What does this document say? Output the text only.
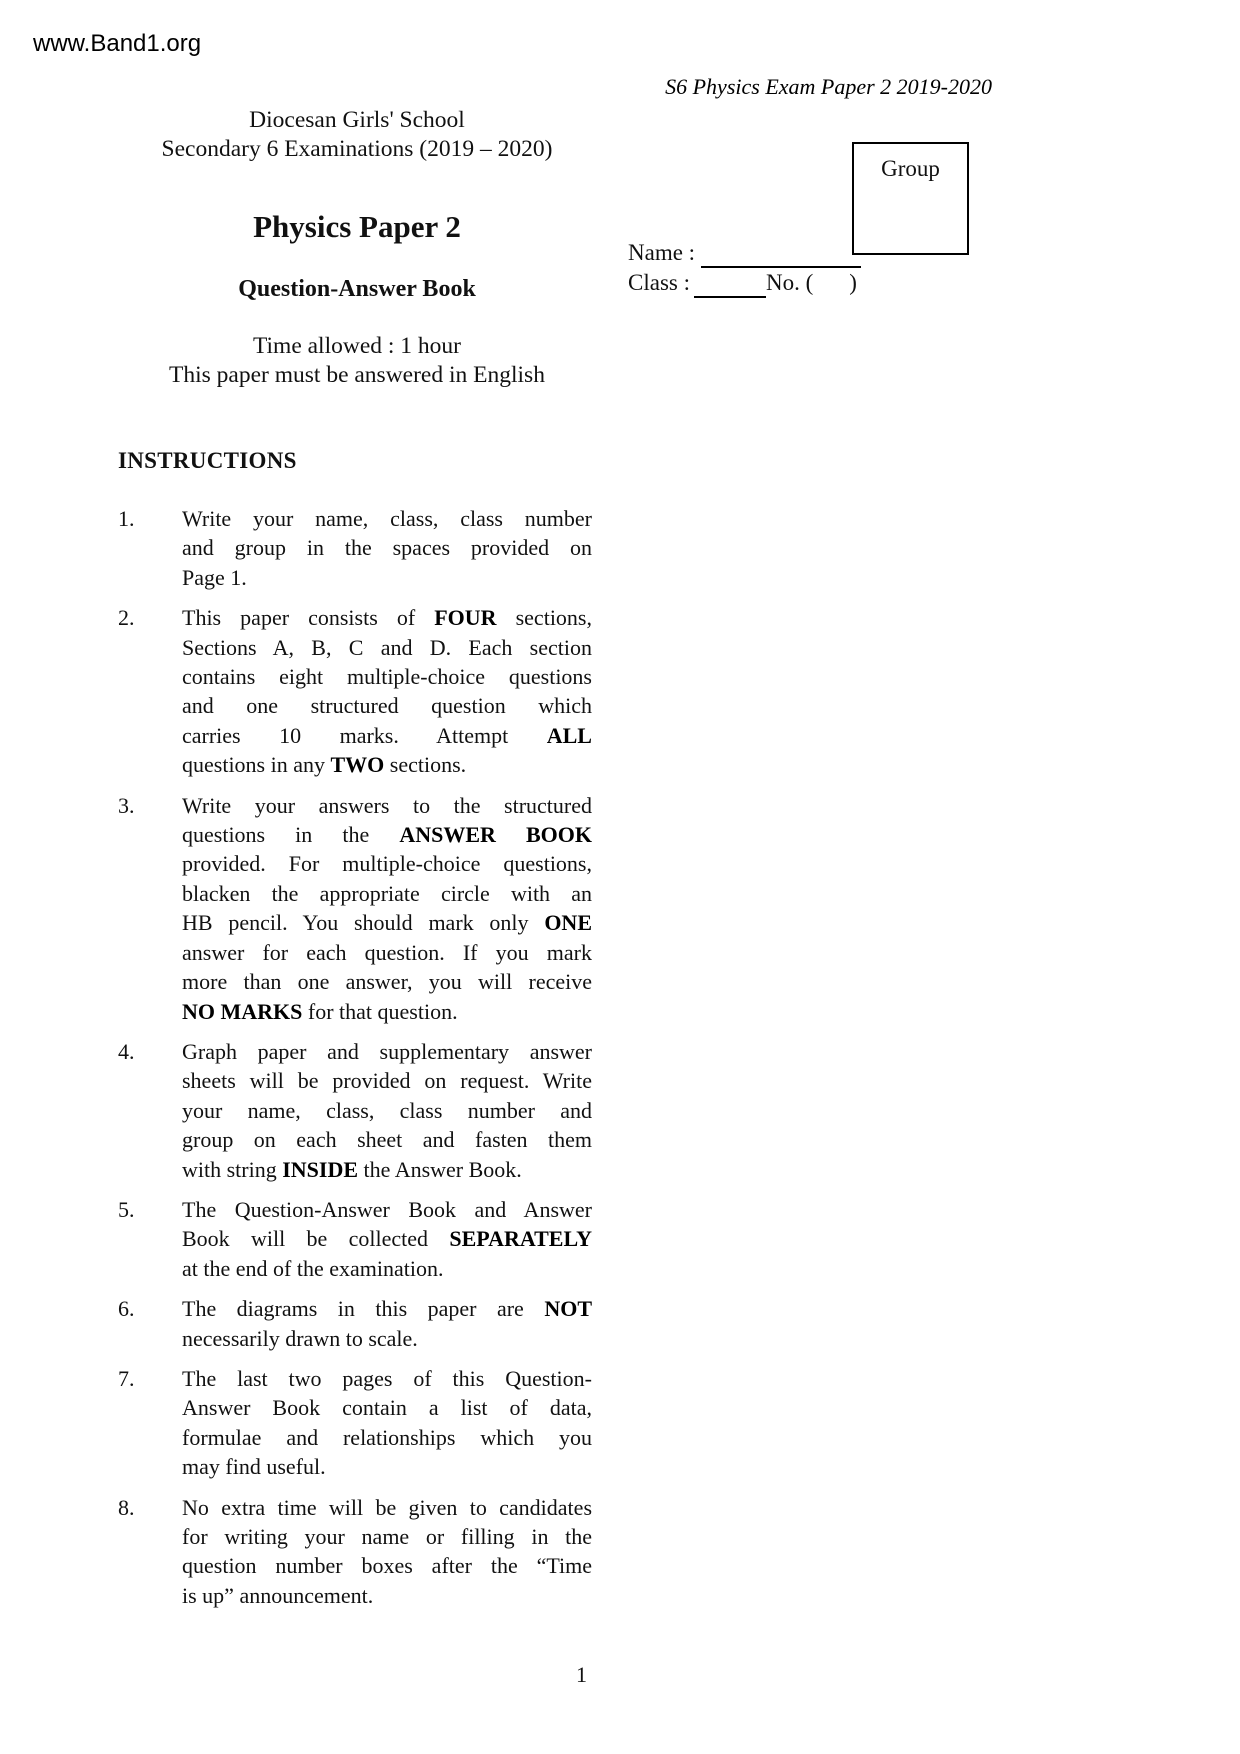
www.Band1.org
S6 Physics Exam Paper 2 2019-2020
Diocesan Girls' School
Secondary 6 Examinations (2019 – 2020)
Physics Paper 2
Question-Answer Book
Time allowed : 1 hour
This paper must be answered in English
Group
Name :
Class :	No. ( )
INSTRUCTIONS
1.	Write your name, class, class number
and group in the spaces provided on
Page 1.
2.	This paper consists of FOUR sections,
Sections A, B, C and D. Each section
contains eight multiple-choice questions
and one structured question which
carries 10 marks. Attempt ALL
questions in any TWO sections.
3.	Write your answers to the structured
questions in the ANSWER BOOK
provided. For multiple-choice questions,
blacken the appropriate circle with an
HB pencil. You should mark only ONE
answer for each question. If you mark
more than one answer, you will receive
NO MARKS for that question.
4.	Graph paper and supplementary answer
sheets will be provided on request. Write
your name, class, class number and
group on each sheet and fasten them
with string INSIDE the Answer Book.
5.	The Question-Answer Book and Answer
Book will be collected SEPARATELY
at the end of the examination.
6.	The diagrams in this paper are NOT
necessarily drawn to scale.
7.	The last two pages of this Question-
Answer Book contain a list of data,
formulae and relationships which you
may find useful.
8.	No extra time will be given to candidates
for writing your name or filling in the
question number boxes after the “Time
is up” announcement.
1
